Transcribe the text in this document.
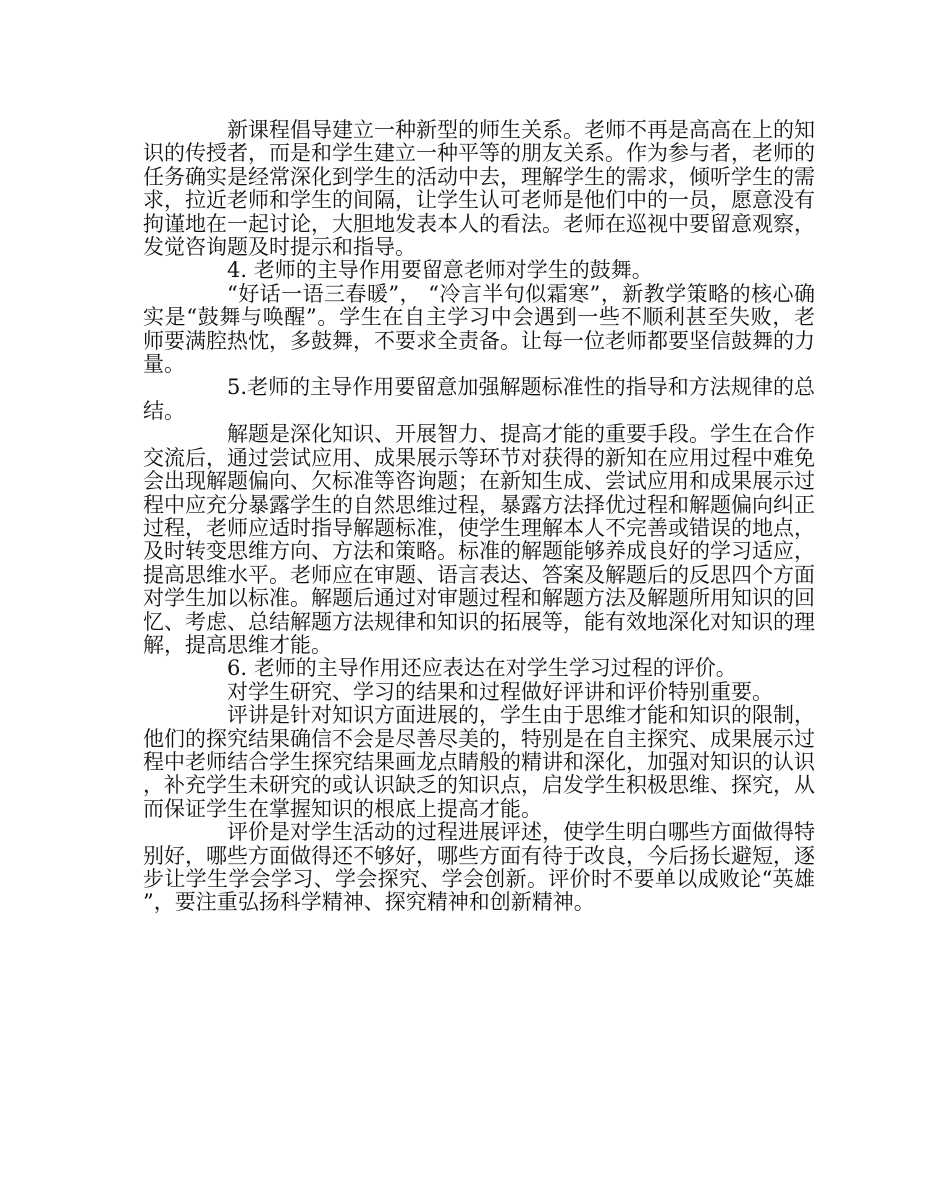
新课程倡导建立一种新型的师生关系。老师不再是高高在上的知识的传授者，而是和学生建立一种平等的朋友关系。作为参与者，老师的任务确实是经常深化到学生的活动中去，理解学生的需求，倾听学生的需求，拉近老师和学生的间隔，让学生认可老师是他们中的一员，愿意没有拘谨地在一起讨论，大胆地发表本人的看法。老师在巡视中要留意观察，发觉咨询题及时提示和指导。

4. 老师的主导作用要留意老师对学生的鼓舞。

“好话一语三春暖”， “冷言半句似霜寒”，新教学策略的核心确实是“鼓舞与唤醒”。学生在自主学习中会遇到一些不顺利甚至失败，老师要满腔热忱，多鼓舞，不要求全责备。让每一位老师都要坚信鼓舞的力量。

5.老师的主导作用要留意加强解题标准性的指导和方法规律的总结。

解题是深化知识、开展智力、提高才能的重要手段。学生在合作交流后，通过尝试应用、成果展示等环节对获得的新知在应用过程中难免会出现解题偏向、欠标准等咨询题；在新知生成、尝试应用和成果展示过程中应充分暴露学生的自然思维过程，暴露方法择优过程和解题偏向纠正过程，老师应适时指导解题标准，使学生理解本人不完善或错误的地点，及时转变思维方向、方法和策略。标准的解题能够养成良好的学习适应，提高思维水平。老师应在审题、语言表达、答案及解题后的反思四个方面对学生加以标准。解题后通过对审题过程和解题方法及解题所用知识的回忆、考虑、总结解题方法规律和知识的拓展等，能有效地深化对知识的理解，提高思维才能。

6. 老师的主导作用还应表达在对学生学习过程的评价。

对学生研究、学习的结果和过程做好评讲和评价特别重要。

评讲是针对知识方面进展的，学生由于思维才能和知识的限制，他们的探究结果确信不会是尽善尽美的，特别是在自主探究、成果展示过程中老师结合学生探究结果画龙点睛般的精讲和深化，加强对知识的认识，补充学生未研究的或认识缺乏的知识点，启发学生积极思维、探究，从而保证学生在掌握知识的根底上提高才能。

评价是对学生活动的过程进展评述，使学生明白哪些方面做得特别好，哪些方面做得还不够好，哪些方面有待于改良，今后扬长避短，逐步让学生学会学习、学会探究、学会创新。评价时不要单以成败论“英雄”，要注重弘扬科学精神、探究精神和创新精神。
